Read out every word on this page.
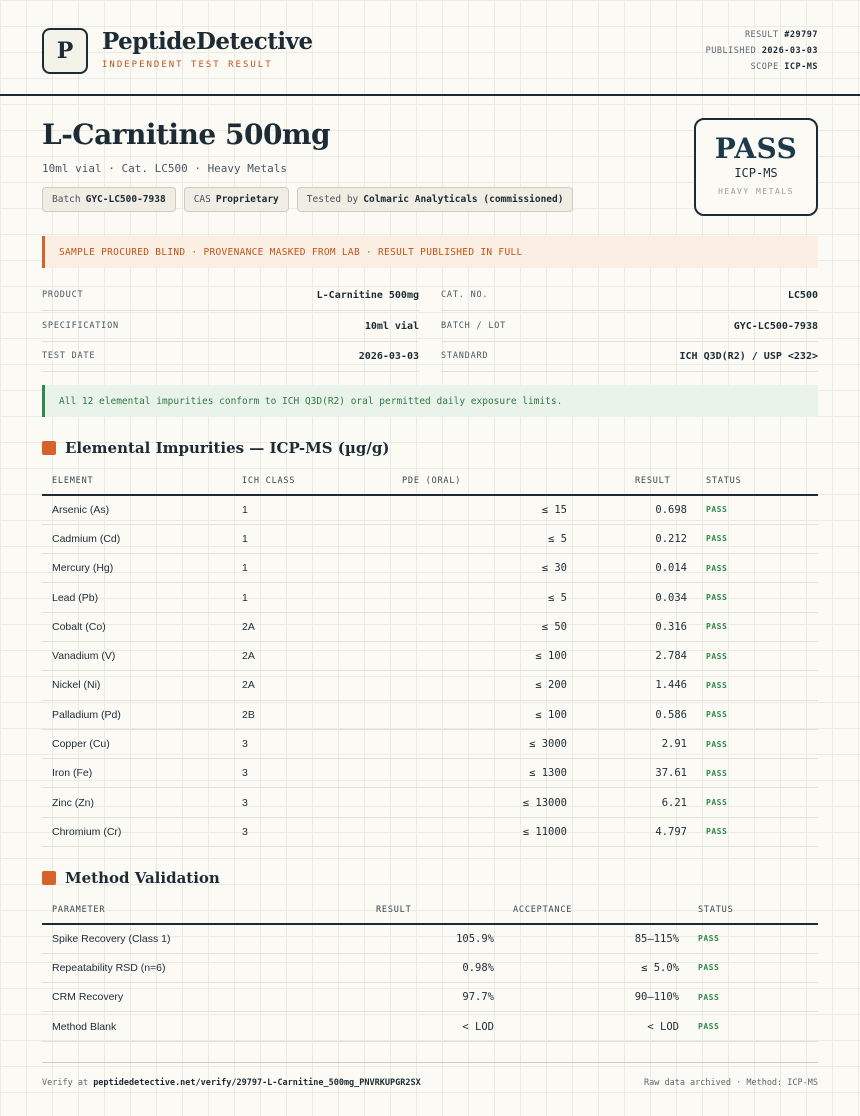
P	PeptideDetective
INDEPENDENT TEST RESULT
RESULT #29797
PUBLISHED 2026-03-03
SCOPE ICP-MS
L-Carnitine 500mg
10ml vial · Cat. LC500 · Heavy Metals
Batch GYC-LC500-7938	CAS Proprietary	Tested by Colmaric Analyticals (commissioned)
PASS
ICP-MS
HEAVY METALS
SAMPLE PROCURED BLIND · PROVENANCE MASKED FROM LAB · RESULT PUBLISHED IN FULL
PRODUCT	L-Carnitine 500mg	CAT. NO.	LC500
SPECIFICATION	10ml vial	BATCH / LOT	GYC-LC500-7938
TEST DATE	2026-03-03	STANDARD	ICH Q3D(R2) / USP <232>
All 12 elemental impurities conform to ICH Q3D(R2) oral permitted daily exposure limits.
Elemental Impurities — ICP-MS (µg/g)
ELEMENT	ICH CLASS	PDE (ORAL)	RESULT	STATUS
Arsenic (As)	1	≤ 15	0.698	PASS
Cadmium (Cd)	1	≤ 5	0.212	PASS
Mercury (Hg)	1	≤ 30	0.014	PASS
Lead (Pb)	1	≤ 5	0.034	PASS
Cobalt (Co)	2A	≤ 50	0.316	PASS
Vanadium (V)	2A	≤ 100	2.784	PASS
Nickel (Ni)	2A	≤ 200	1.446	PASS
Palladium (Pd)	2B	≤ 100	0.586	PASS
Copper (Cu)	3	≤ 3000	2.91	PASS
Iron (Fe)	3	≤ 1300	37.61	PASS
Zinc (Zn)	3	≤ 13000	6.21	PASS
Chromium (Cr)	3	≤ 11000	4.797	PASS
Method Validation
PARAMETER	RESULT	ACCEPTANCE	STATUS
Spike Recovery (Class 1)	105.9%	85–115%	PASS
Repeatability RSD (n=6)	0.98%	≤ 5.0%	PASS
CRM Recovery	97.7%	90–110%	PASS
Method Blank	< LOD	< LOD	PASS
Verify at peptidedetective.net/verify/29797-L-Carnitine_500mg_PNVRKUPGR2SX	Raw data archived · Method: ICP-MS
